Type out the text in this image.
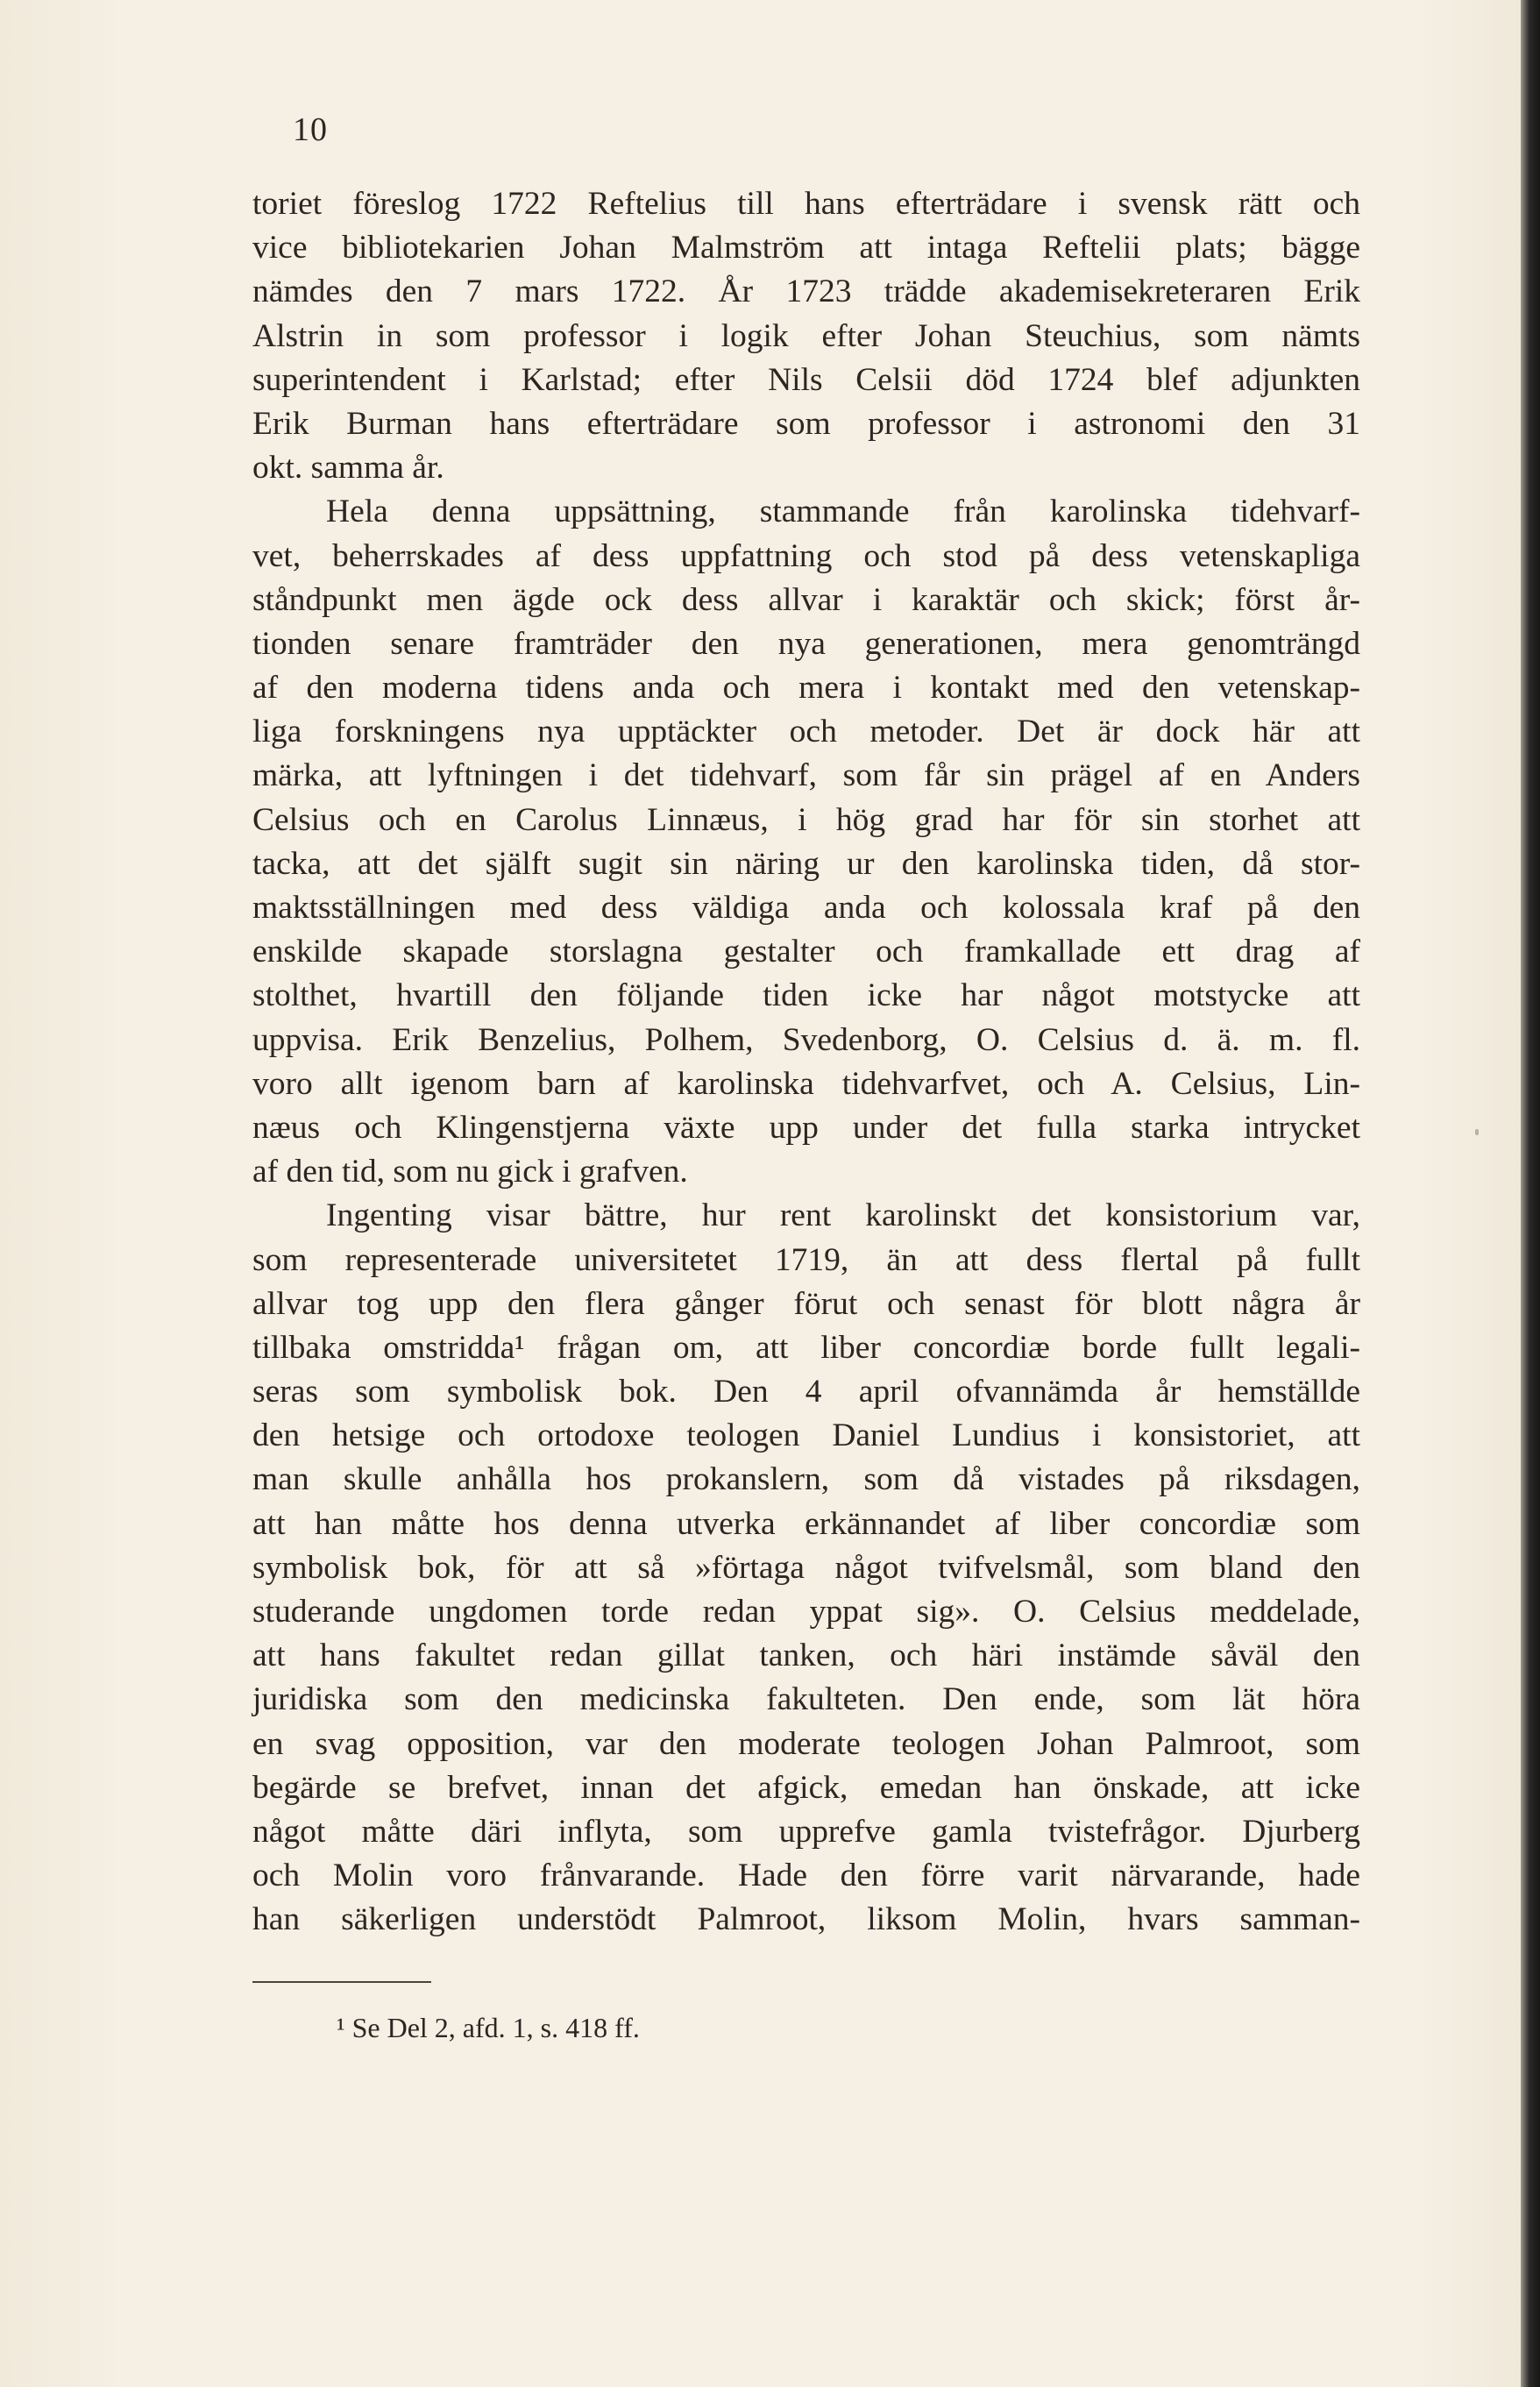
10
toriet föreslog 1722 Reftelius till hans efterträdare i svensk rätt och
vice bibliotekarien Johan Malmström att intaga Reftelii plats; bägge
nämdes den 7 mars 1722. År 1723 trädde akademisekreteraren Erik
Alstrin in som professor i logik efter Johan Steuchius, som nämts
superintendent i Karlstad; efter Nils Celsii död 1724 blef adjunkten
Erik Burman hans efterträdare som professor i astronomi den 31
okt. samma år.
Hela denna uppsättning, stammande från karolinska tidehvarf-
vet, beherrskades af dess uppfattning och stod på dess vetenskapliga
ståndpunkt men ägde ock dess allvar i karaktär och skick; först år-
tionden senare framträder den nya generationen, mera genomträngd
af den moderna tidens anda och mera i kontakt med den vetenskap-
liga forskningens nya upptäckter och metoder. Det är dock här att
märka, att lyftningen i det tidehvarf, som får sin prägel af en Anders
Celsius och en Carolus Linnæus, i hög grad har för sin storhet att
tacka, att det själft sugit sin näring ur den karolinska tiden, då stor-
maktsställningen med dess väldiga anda och kolossala kraf på den
enskilde skapade storslagna gestalter och framkallade ett drag af
stolthet, hvartill den följande tiden icke har något motstycke att
uppvisa. Erik Benzelius, Polhem, Svedenborg, O. Celsius d. ä. m. fl.
voro allt igenom barn af karolinska tidehvarfvet, och A. Celsius, Lin-
næus och Klingenstjerna växte upp under det fulla starka intrycket
af den tid, som nu gick i grafven.
Ingenting visar bättre, hur rent karolinskt det konsistorium var,
som representerade universitetet 1719, än att dess flertal på fullt
allvar tog upp den flera gånger förut och senast för blott några år
tillbaka omstridda¹ frågan om, att liber concordiæ borde fullt legali-
seras som symbolisk bok. Den 4 april ofvannämda år hemställde
den hetsige och ortodoxe teologen Daniel Lundius i konsistoriet, att
man skulle anhålla hos prokanslern, som då vistades på riksdagen,
att han måtte hos denna utverka erkännandet af liber concordiæ som
symbolisk bok, för att så »förtaga något tvifvelsmål, som bland den
studerande ungdomen torde redan yppat sig». O. Celsius meddelade,
att hans fakultet redan gillat tanken, och häri instämde såväl den
juridiska som den medicinska fakulteten. Den ende, som lät höra
en svag opposition, var den moderate teologen Johan Palmroot, som
begärde se brefvet, innan det afgick, emedan han önskade, att icke
något måtte däri inflyta, som upprefve gamla tvistefrågor. Djurberg
och Molin voro frånvarande. Hade den förre varit närvarande, hade
han säkerligen understödt Palmroot, liksom Molin, hvars samman-
¹ Se Del 2, afd. 1, s. 418 ff.
